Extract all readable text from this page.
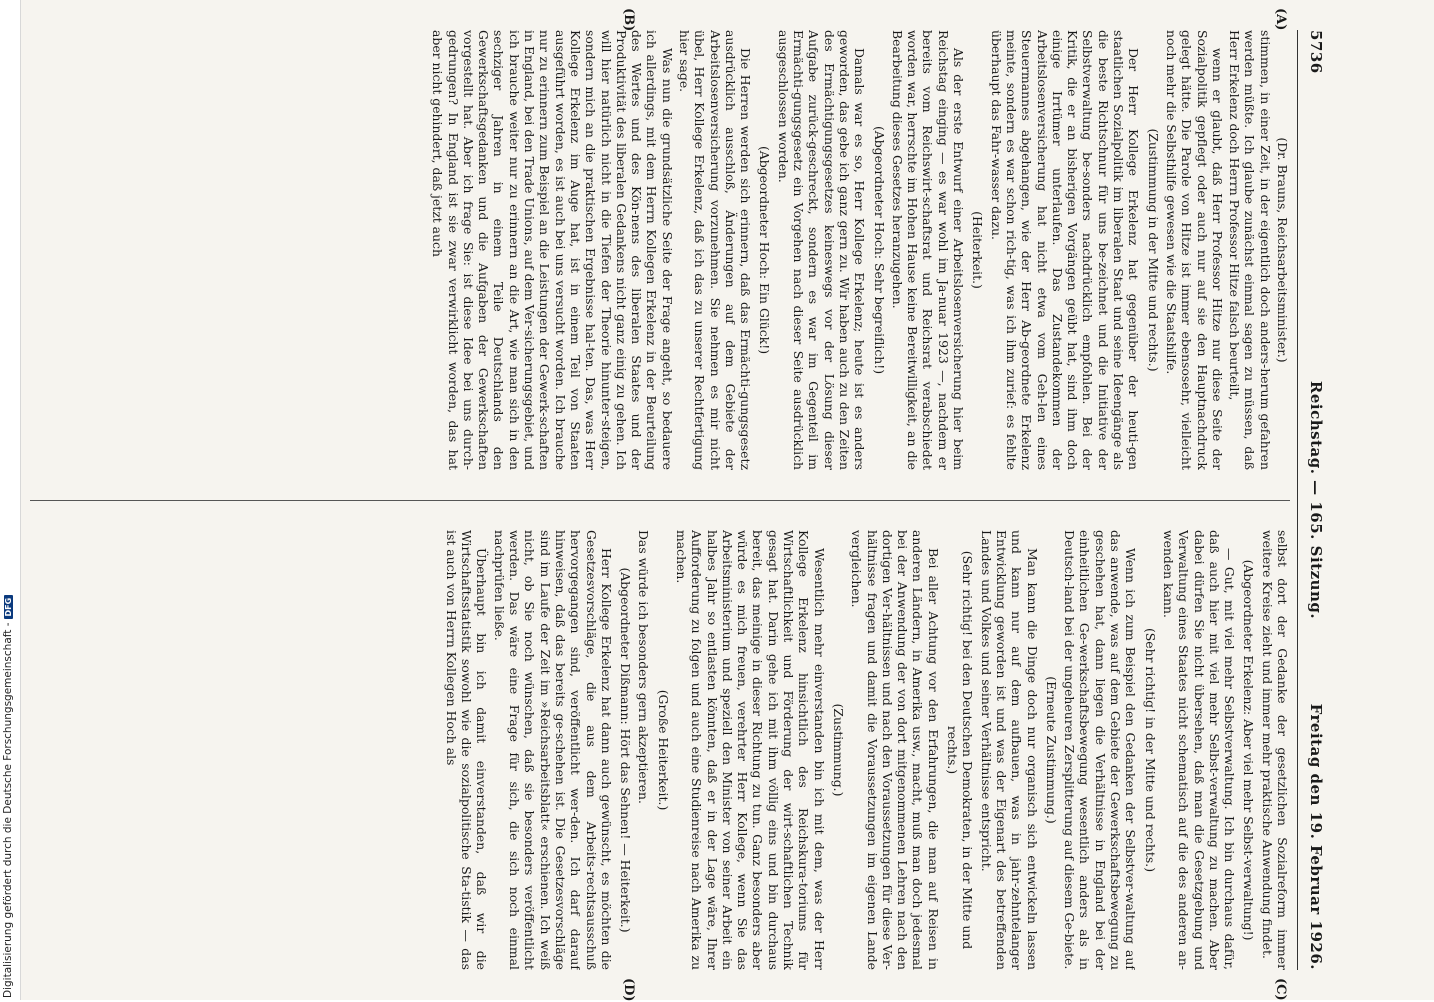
Digitalisierung gefördert durch die Deutsche Forschungsgemeinschaft -DFG
5736
Reichstag. — 165. Sitzung.
Freitag den 19. Februar 1926.
(A)
(B)
(C)
(D)

(Dr. Brauns, Reichsarbeitsminister.)

stimmen, in einer Zeit, in der eigentlich doch anders-herum gefahren werden müßte. Ich glaube zunächst einmal sagen zu müssen, daß Herr Erkelenz doch Herrn Professor Hitze falsch beurteilt,

wenn er glaubt, daß Herr Professor Hitze nur diese Seite der Sozialpolitik gepflegt oder auch nur auf sie den Hauptnachdruck gelegt hätte. Die Parole von Hitze ist immer ebensosehr, vielleicht noch mehr die Selbsthilfe gewesen wie die Staatshilfe.

(Zustimmung in der Mitte und rechts.)

Der Herr Kollege Erkelenz hat gegenüber der heuti-gen staatlichen Sozialpolitik im liberalen Staat und seine Ideengänge als die beste Richtschnur für uns be-zeichnet und die Initiative der Selbstverwaltung be-sonders nachdrücklich empfohlen. Bei der Kritik, die er an bisherigen Vorgängen geübt hat, sind ihm doch einige Irrtümer unterlaufen. Das Zustandekommen der Arbeitslosenversicherung hat nicht etwa vom Geh-len eines Steuermannes abgehangen, wie der Herr Ab-geordnete Erkelenz meinte, sondern es war schon rich-tig, was ich ihm zurief: es fehlte überhaupt das Fahr-wasser dazu.

(Heiterkeit.)

Als der erste Entwurf einer Arbeitslosenversicherung hier beim Reichstag einging — es war wohl im Ja-nuar 1923 —, nachdem er bereits vom Reichswirt-schaftsrat und Reichsrat verabschiedet worden war, herrschte im Hohen Hause keine Bereitwilligkeit, an die Bearbeitung dieses Gesetzes heranzugehen.

(Abgeordneter Hoch: Sehr begreiflich!)

Damals war es so, Herr Kollege Erkelenz; heute ist es anders geworden, das gebe ich ganz gern zu. Wir haben auch zu den Zeiten des Ermächtigungsgesetzes keineswegs vor der Lösung dieser Aufgabe zurück-geschreckt, sondern es war im Gegenteil im Ermächti-gungsgesetz ein Vorgehen nach dieser Seite ausdrücklich ausgeschlossen worden.

(Abgeordneter Hoch: Ein Glück!)

Die Herren werden sich erinnern, daß das Ermächti-gungsgesetz ausdrücklich ausschloß, Änderungen auf dem Gebiete der Arbeitslosenversicherung vorzunehmen. Sie nehmen es mir nicht übel, Herr Kollege Erkelenz, daß ich das zu unserer Rechtfertigung hier sage.

Was nun die grundsätzliche Seite der Frage angeht, so bedauere ich allerdings, mit dem Herrn Kollegen Erkelenz in der Beurteilung des Wertes und des Kön-nens des liberalen Staates und der Produktivität des liberalen Gedankens nicht ganz einig zu gehen. Ich will hier natürlich nicht in die Tiefen der Theorie hinunter-steigen, sondern mich an die praktischen Ergebnisse hal-ten. Das, was Herr Kollege Erkelenz im Auge hat, ist in einem Teil von Staaten ausgeführt worden, es ist auch bei uns versucht worden. Ich brauche nur zu erinnern zum Beispiel an die Leistungen der Gewerk-schaften in England, bei den Trade Unions, auf dem Ver-sicherungsgebiet, und ich brauche weiter nur zu erinnern an die Art, wie man sich in den sechziger Jahren in einem Teile Deutschlands den Gewerkschaftsgedanken und die Aufgaben der Gewerkschaften vorgestellt hat. Aber ich frage Sie: ist diese Idee bei uns durch-gedrungen? In England ist sie zwar verwirklicht worden, das hat aber nicht gehindert, daß jetzt auch

selbst dort der Gedanke der gesetzlichen Sozialreform immer weitere Kreise zieht und immer mehr praktische Anwendung findet.

(Abgeordneter Erkelenz: Aber viel mehr Selbst-verwaltung!)

— Gut, mit viel mehr Selbstverwaltung. Ich bin durchaus dafür, daß auch hier mit viel mehr Selbst-verwaltung zu machen. Aber dabei dürfen Sie nicht übersehen, daß man die Gesetzgebung und Verwaltung eines Staates nicht schematisch auf die des anderen an-wenden kann.

(Sehr richtig! in der Mitte und rechts.)

Wenn ich zum Beispiel den Gedanken der Selbstver-waltung auf das anwende, was auf dem Gebiete der Gewerkschaftsbewegung zu geschehen hat, dann liegen die Verhältnisse in England bei der einheitlichen Ge-werkschaftsbewegung wesentlich anders als in Deutsch-land bei der ungeheuren Zersplitterung auf diesem Ge-biete.

(Erneute Zustimmung.)

Man kann die Dinge doch nur organisch sich entwickeln lassen und kann nur auf dem aufbauen, was in jahr-zehntelanger Entwicklung geworden ist und was der Eigenart des betreffenden Landes und Volkes und seiner Verhältnisse entspricht.

(Sehr richtig! bei den Deutschen Demokraten, in der Mitte und rechts.)

Bei aller Achtung vor den Erfahrungen, die man auf Reisen in anderen Ländern, in Amerika usw., macht, muß man doch jedesmal bei der Anwendung der von dort mitgenommenen Lehren nach den dortigen Ver-hältnissen und nach den Voraussetzungen für diese Ver-hältnisse fragen und damit die Voraussetzungen im eigenen Lande vergleichen.

(Zustimmung.)

Wesentlich mehr einverstanden bin ich mit dem, was der Herr Kollege Erkelenz hinsichtlich des Reichskura-toriums für Wirtschaftlichkeit und Förderung der wirt-schaftlichen Technik gesagt hat. Darin gehe ich mit ihm völlig eins und bin durchaus bereit, das meinige in dieser Richtung zu tun. Ganz besonders aber würde es mich freuen, verehrter Herr Kollege, wenn Sie das Arbeitsministerium und speziell den Minister von seiner Arbeit ein halbes Jahr so entlasten könnten, daß er in der Lage wäre, Ihrer Aufforderung zu folgen und auch eine Studienreise nach Amerika zu machen.

(Große Heiterkeit.)

Das würde ich besonders gern akzeptieren.

(Abgeordneter Dißmann: Hört das Sehnen! — Heiterkeit.)

Herr Kollege Erkelenz hat dann auch gewünscht, es möchten die Gesetzesvorschläge, die aus dem Arbeits-rechtsausschuß hervorgegangen sind, veröffentlicht wer-den. Ich darf darauf hinweisen, daß das bereits ge-schehen ist. Die Gesetzesvorschläge sind im Laufe der Zeit im »Reichsarbeitsblatt« erschienen. Ich weiß nicht, ob Sie noch wünschen, daß sie besonders veröffentlicht werden. Das wäre eine Frage für sich, die sich noch einmal nachprüfen ließe.

Überhaupt bin ich damit einverstanden, daß wir die Wirtschaftsstatistik sowohl wie die sozialpolitische Sta-tistik — das ist auch von Herrn Kollegen Hoch als
